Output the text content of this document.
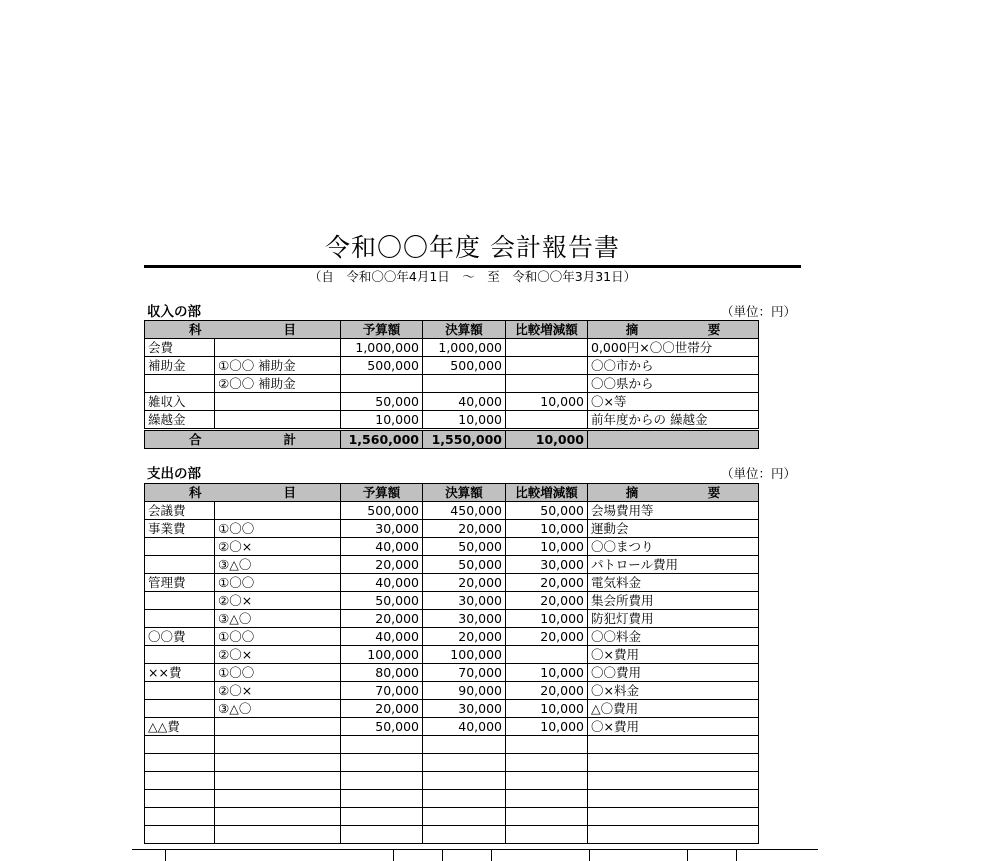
令和〇〇年度 会計報告書
（自　令和〇〇年4月1日　～　至　令和〇〇年3月31日）
収入の部	（単位：円）
科 目		予算額	決算額	比較増減額	摘 要

会費		1,000,000	1,000,000		0,000円×〇〇世帯分
補助金	①〇〇 補助金	500,000	500,000		〇〇市から
	②〇〇 補助金				〇〇県から
雑収入		50,000	40,000	10,000	〇×等
繰越金		10,000	10,000		前年度からの 繰越金

合 計		1,560,000	1,550,000	10,000	
支出の部	（単位：円）
科 目		予算額	決算額	比較増減額	摘 要

会議費		500,000	450,000	50,000	会場費用等
事業費	①〇〇	30,000	20,000	10,000	運動会
	②〇×	40,000	50,000	10,000	〇〇まつり
	③△〇	20,000	50,000	30,000	パトロール費用
管理費	①〇〇	40,000	20,000	20,000	電気料金
	②〇×	50,000	30,000	20,000	集会所費用
	③△〇	20,000	30,000	10,000	防犯灯費用
〇〇費	①〇〇	40,000	20,000	20,000	〇〇料金
	②〇×	100,000	100,000		〇×費用
××費	①〇〇	80,000	70,000	10,000	〇〇費用
	②〇×	70,000	90,000	20,000	〇×料金
	③△〇	20,000	30,000	10,000	△〇費用
△△費		50,000	40,000	10,000	〇×費用
